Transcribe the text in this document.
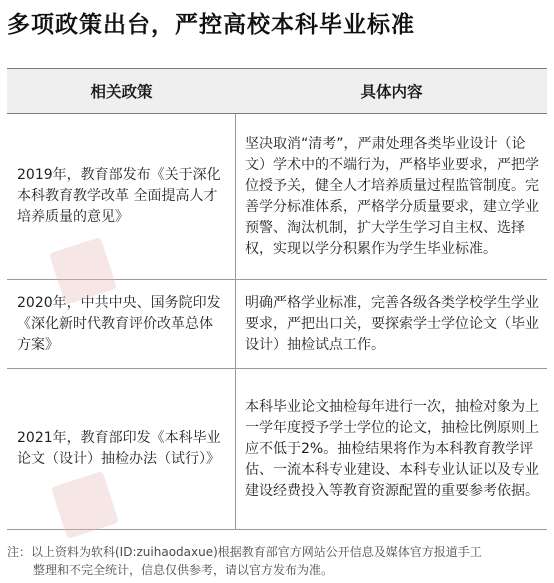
多项政策出台，严控高校本科毕业标准
相关政策	具体内容
2019年，教育部发布《关于深化本科教育教学改革 全面提高人才培养质量的意见》
坚决取消“清考”，严肃处理各类毕业设计（论文）学术中的不端行为，严格毕业要求，严把学位授予关，健全人才培养质量过程监管制度。完善学分标准体系，严格学分质量要求，建立学业预警、淘汰机制，扩大学生学习自主权、选择权，实现以学分积累作为学生毕业标准。
2020年，中共中央、国务院印发《深化新时代教育评价改革总体方案》
明确严格学业标准，完善各级各类学校学生学业要求，严把出口关，要探索学士学位论文（毕业设计）抽检试点工作。
2021年，教育部印发《本科毕业论文（设计）抽检办法（试行）》
本科毕业论文抽检每年进行一次，抽检对象为上一学年度授予学士学位的论文，抽检比例原则上应不低于2%。抽检结果将作为本科教育教学评估、一流本科专业建设、本科专业认证以及专业建设经费投入等教育资源配置的重要参考依据。
注：以上资料为软科(ID:zuihaodaxue)根据教育部官方网站公开信息及媒体官方报道手工
整理和不完全统计，信息仅供参考，请以官方发布为准。
